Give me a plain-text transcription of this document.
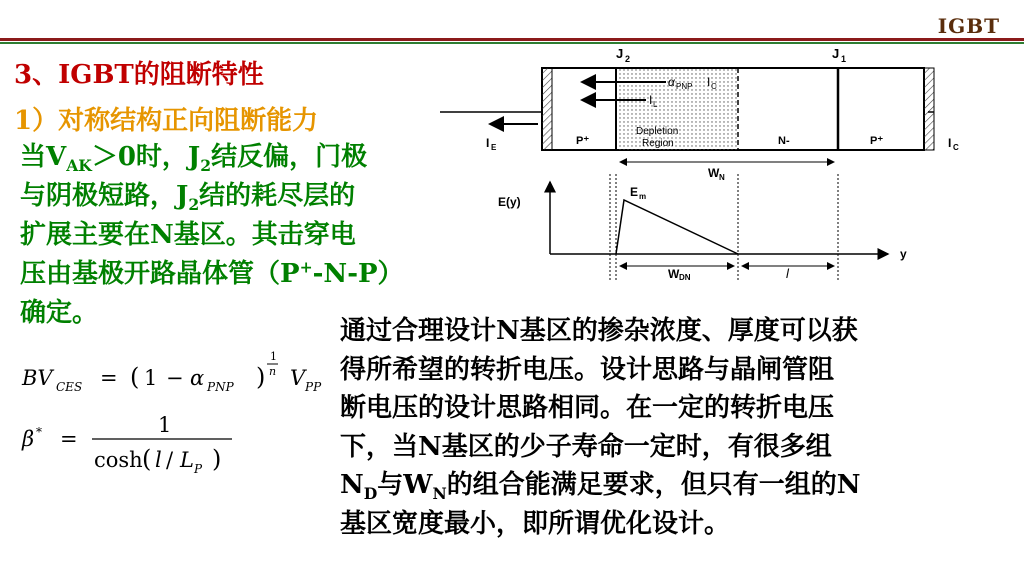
IGBT
3、IGBT的阻断特性
1）对称结构正向阻断能力
当$V_{AK}>0$时，$J_2$结反偏，门极
与阴极短路，$J_2$结的耗尽层的
扩展主要在N基区。其击穿电
压由基极开路晶体管（P+-N-P）
确定。
BV CES = ( 1 − α PNP )
1
n V PP
β * =
1
cosh ( l / L P )
J 2	J 1
α PNP I C
I L
P⁺
Depletion
Region	N-	P⁺
I E	I C
W N
E(y)
y
E m
W DN	l
通过合理设计N基区的掺杂浓度、厚度可以获
得所希望的转折电压。设计思路与晶闸管阻
断电压的设计思路相同。在一定的转折电压
下，当N基区的少子寿命一定时，有很多组
$N_D$与$W_N$的组合能满足要求，但只有一组的N
基区宽度最小，即所谓优化设计。
